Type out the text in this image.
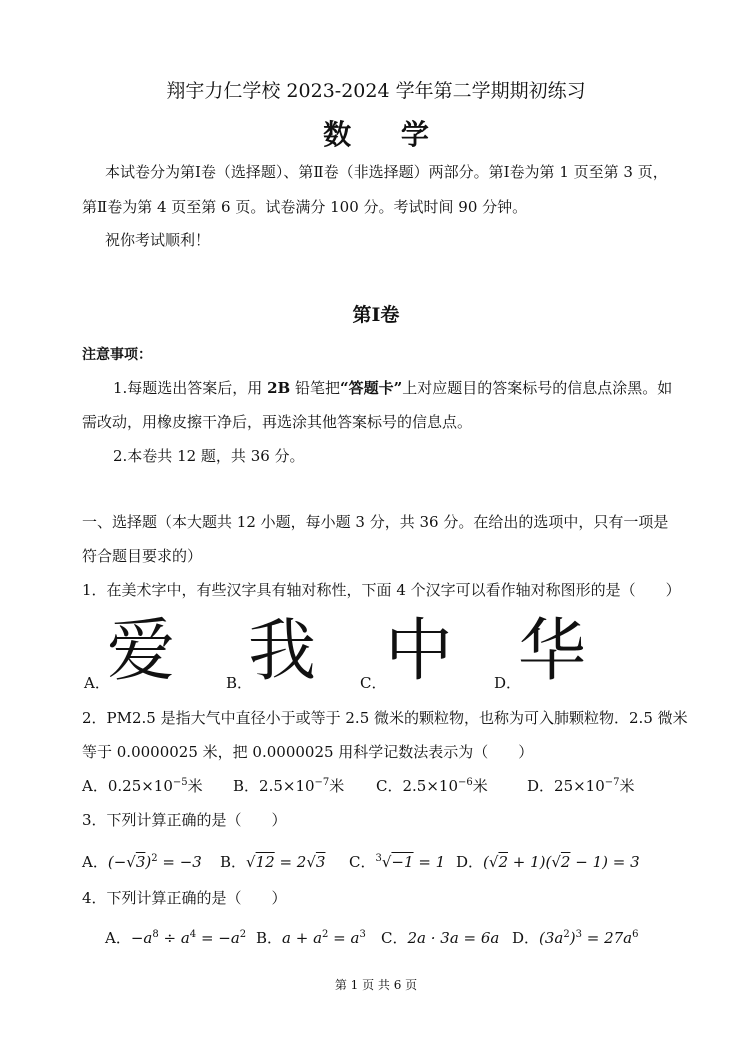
翔宇力仁学校 2023-2024 学年第二学期期初练习
数 学
本试卷分为第Ⅰ卷（选择题）、第Ⅱ卷（非选择题）两部分。第Ⅰ卷为第 1 页至第 3 页，
第Ⅱ卷为第 4 页至第 6 页。试卷满分 100 分。考试时间 90 分钟。
祝你考试顺利！
第Ⅰ卷
注意事项：
1.每题选出答案后，用 2B 铅笔把“答题卡”上对应题目的答案标号的信息点涂黑。如
需改动，用橡皮擦干净后，再选涂其他答案标号的信息点。
2.本卷共 12 题，共 36 分。
一、选择题（本大题共 12 小题，每小题 3 分，共 36 分。在给出的选项中，只有一项是
符合题目要求的）
1．在美术字中，有些汉字具有轴对称性，下面 4 个汉字可以看作轴对称图形的是（　　）
A．
爱	B．
我	C．
中	D．
华
2．PM2.5 是指大气中直径小于或等于 2.5 微米的颗粒物，也称为可入肺颗粒物．2.5 微米
等于 0.0000025 米，把 0.0000025 用科学记数法表示为（　　）
A．$0.25\times 10^{-5}$米 B．$2.5\times 10^{-7}$米 C．$2.5\times 10^{-6}$米	D．$25\times 10^{-7}$米
3．下列计算正确的是（　　）
A．$(-√3)^2 = -3$ B．√12 = 2√3 C．$^3$√−1 = 1 D．(√2 + 1)(√2 − 1) = 3
4．下列计算正确的是（　　）
A．$-a^8 \div a^4 = -a^2$ B．$a + a^2 = a^3$ C．2a · 3a = 6a D．$(3a^2)^3 = 27a^6$
第 1 页 共 6 页
